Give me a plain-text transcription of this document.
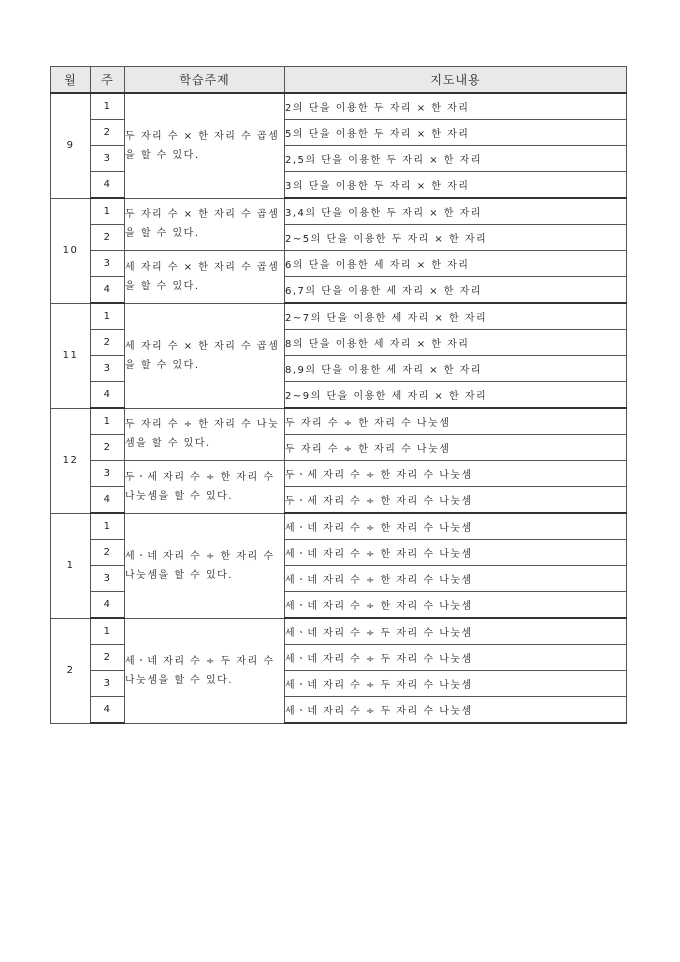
월	주	학습주제	지도내용
9	1	두 자리 수 × 한 자리 수 곱셈을 할 수 있다.	2의 단을 이용한 두 자리 × 한 자리
	2		5의 단을 이용한 두 자리 × 한 자리
	3		2,5의 단을 이용한 두 자리 × 한 자리
	4		3의 단을 이용한 두 자리 × 한 자리
10	1	두 자리 수 × 한 자리 수 곱셈을 할 수 있다.	3,4의 단을 이용한 두 자리 × 한 자리
	2		2~5의 단을 이용한 두 자리 × 한 자리
	3	세 자리 수 × 한 자리 수 곱셈을 할 수 있다.	6의 단을 이용한 세 자리 × 한 자리
	4		6,7의 단을 이용한 세 자리 × 한 자리
11	1	세 자리 수 × 한 자리 수 곱셈을 할 수 있다.	2~7의 단을 이용한 세 자리 × 한 자리
	2		8의 단을 이용한 세 자리 × 한 자리
	3		8,9의 단을 이용한 세 자리 × 한 자리
	4		2~9의 단을 이용한 세 자리 × 한 자리
12	1	두 자리 수 ÷ 한 자리 수 나눗셈을 할 수 있다.	두 자리 수 ÷ 한 자리 수 나눗셈
	2		두 자리 수 ÷ 한 자리 수 나눗셈
	3	두ㆍ세 자리 수 ÷ 한 자리 수 나눗셈을 할 수 있다.	두ㆍ세 자리 수 ÷ 한 자리 수 나눗셈
	4		두ㆍ세 자리 수 ÷ 한 자리 수 나눗셈
1	1	세ㆍ네 자리 수 ÷ 한 자리 수 나눗셈을 할 수 있다.	세ㆍ네 자리 수 ÷ 한 자리 수 나눗셈
	2		세ㆍ네 자리 수 ÷ 한 자리 수 나눗셈
	3		세ㆍ네 자리 수 ÷ 한 자리 수 나눗셈
	4		세ㆍ네 자리 수 ÷ 한 자리 수 나눗셈
2	1	세ㆍ네 자리 수 ÷ 두 자리 수 나눗셈을 할 수 있다.	세ㆍ네 자리 수 ÷ 두 자리 수 나눗셈
	2		세ㆍ네 자리 수 ÷ 두 자리 수 나눗셈
	3		세ㆍ네 자리 수 ÷ 두 자리 수 나눗셈
	4		세ㆍ네 자리 수 ÷ 두 자리 수 나눗셈
